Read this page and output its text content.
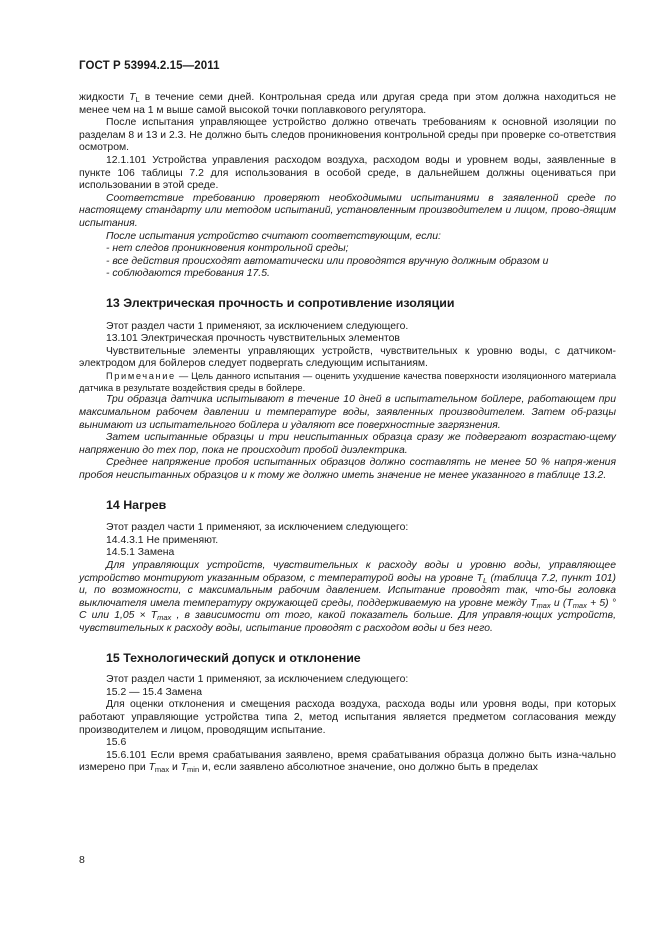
ГОСТ Р 53994.2.15—2011

жидкости $T_L$ в течение семи дней. Контрольная среда или другая среда при этом должна находиться не менее чем на 1 м выше самой высокой точки поплавкового регулятора.

После испытания управляющее устройство должно отвечать требованиям к основной изоляции по разделам 8 и 13 и 2.3. Не должно быть следов проникновения контрольной среды при проверке со-ответствия осмотром.

12.1.101 Устройства управления расходом воздуха, расходом воды и уровнем воды, заявленные в пункте 106 таблицы 7.2 для использования в особой среде, в дальнейшем должны оцениваться при использовании в этой среде.

Соответствие требованию проверяют необходимыми испытаниями в заявленной среде по настоящему стандарту или методом испытаний, установленным производителем и лицом, прово-дящим испытания.

После испытания устройство считают соответствующим, если:

- нет следов проникновения контрольной среды;

- все действия происходят автоматически или проводятся вручную должным образом и

- соблюдаются требования 17.5.

13 Электрическая прочность и сопротивление изоляции

Этот раздел части 1 применяют, за исключением следующего.

13.101 Электрическая прочность чувствительных элементов

Чувствительные элементы управляющих устройств, чувствительных к уровню воды, с датчиком-электродом для бойлеров следует подвергать следующим испытаниям.

Примечание — Цель данного испытания — оценить ухудшение качества поверхности изоляционного материала датчика в результате воздействия среды в бойлере.

Три образца датчика испытывают в течение 10 дней в испытательном бойлере, работающем при максимальном рабочем давлении и температуре воды, заявленных производителем. Затем об-разцы вынимают из испытательного бойлера и удаляют все поверхностные загрязнения.

Затем испытанные образцы и три неиспытанных образца сразу же подвергают возрастаю-щему напряжению до тех пор, пока не происходит пробой диэлектрика.

Среднее напряжение пробоя испытанных образцов должно составлять не менее 50 % напря-жения пробоя неиспытанных образцов и к тому же должно иметь значение не менее указанного в таблице 13.2.

14 Нагрев

Этот раздел части 1 применяют, за исключением следующего:

14.4.3.1 Не применяют.

14.5.1 Замена

Для управляющих устройств, чувствительных к расходу воды и уровню воды, управляющее устройство монтируют указанным образом, с температурой воды на уровне $T_L$ (таблица 7.2, пункт 101) и, по возможности, с максимальным рабочим давлением. Испытание проводят так, что-бы головка выключателя имела температуру окружающей среды, поддерживаемую на уровне между $T_{max}$ и $(T_{max} + 5)$ ° С или $1,05 \times T_{max}$ , в зависимости от того, какой показатель больше. Для управля-ющих устройств, чувствительных к расходу воды, испытание проводят с расходом воды и без него.

15 Технологический допуск и отклонение

Этот раздел части 1 применяют, за исключением следующего:

15.2 — 15.4 Замена

Для оценки отклонения и смещения расхода воздуха, расхода воды или уровня воды, при которых работают управляющие устройства типа 2, метод испытания является предметом согласования между производителем и лицом, проводящим испытание.

15.6

15.6.101 Если время срабатывания заявлено, время срабатывания образца должно быть изна-чально измерено при $T_{max}$ и $T_{min}$ и, если заявлено абсолютное значение, оно должно быть в пределах

8
